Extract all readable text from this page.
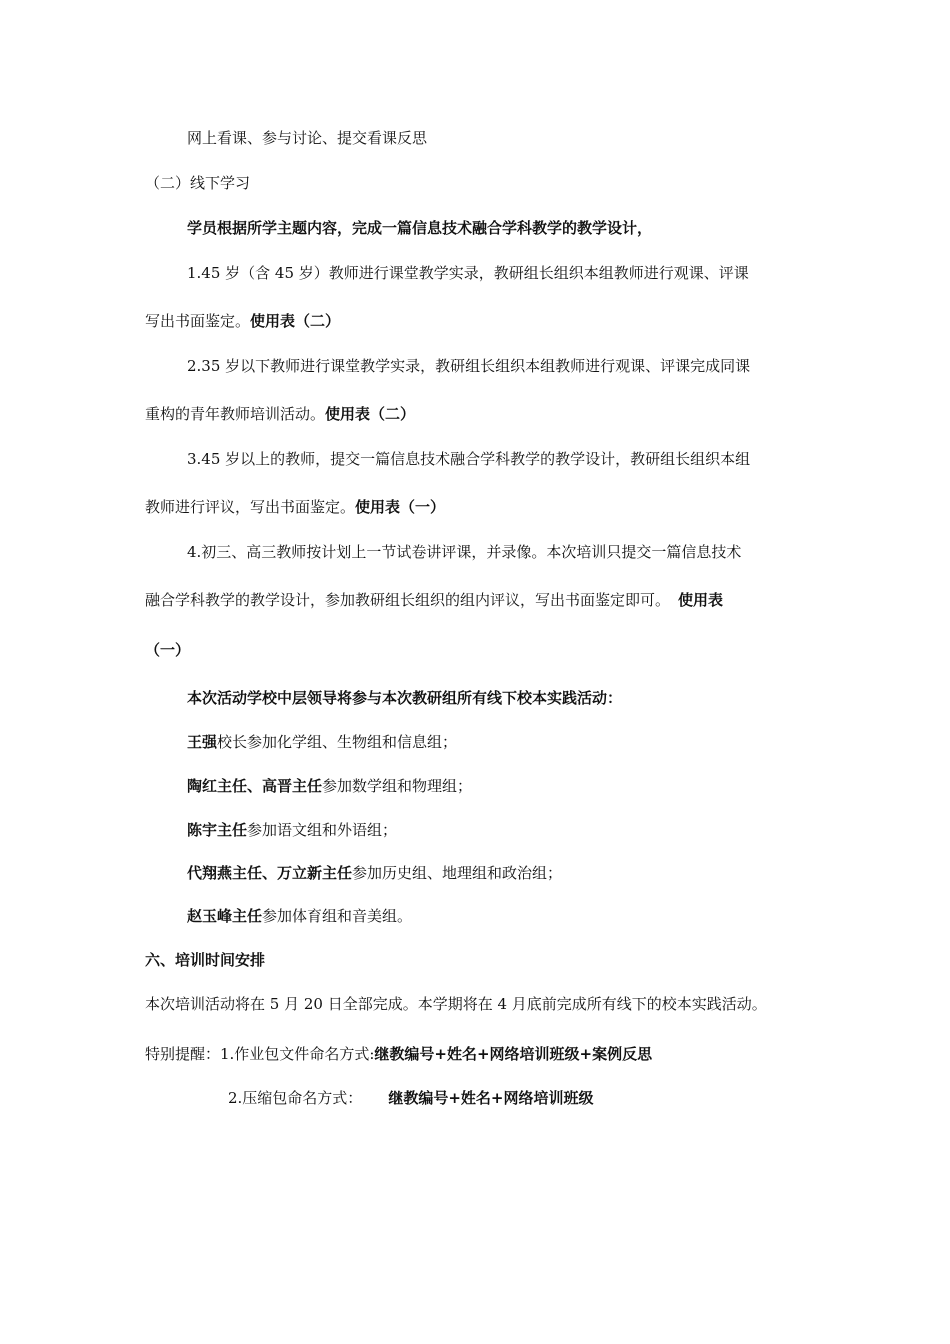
网上看课、参与讨论、提交看课反思
（二）线下学习
学员根据所学主题内容，完成一篇信息技术融合学科教学的教学设计，
1.45 岁（含 45 岁）教师进行课堂教学实录，教研组长组织本组教师进行观课、评课
写出书面鉴定。使用表（二）
2.35 岁以下教师进行课堂教学实录，教研组长组织本组教师进行观课、评课完成同课
重构的青年教师培训活动。使用表（二）
3.45 岁以上的教师，提交一篇信息技术融合学科教学的教学设计，教研组长组织本组
教师进行评议，写出书面鉴定。使用表（一）
4.初三、高三教师按计划上一节试卷讲评课，并录像。本次培训只提交一篇信息技术
融合学科教学的教学设计，参加教研组长组织的组内评议，写出书面鉴定即可。 使用表
（一）
本次活动学校中层领导将参与本次教研组所有线下校本实践活动：
王强校长参加化学组、生物组和信息组；
陶红主任、高晋主任参加数学组和物理组；
陈宇主任参加语文组和外语组；
代翔燕主任、万立新主任参加历史组、地理组和政治组；
赵玉峰主任参加体育组和音美组。
六、培训时间安排
本次培训活动将在 5 月 20 日全部完成。本学期将在 4 月底前完成所有线下的校本实践活动。
特别提醒：1.作业包文件命名方式:继教编号+姓名+网络培训班级+案例反思
2.压缩包命名方式： 继教编号+姓名+网络培训班级
